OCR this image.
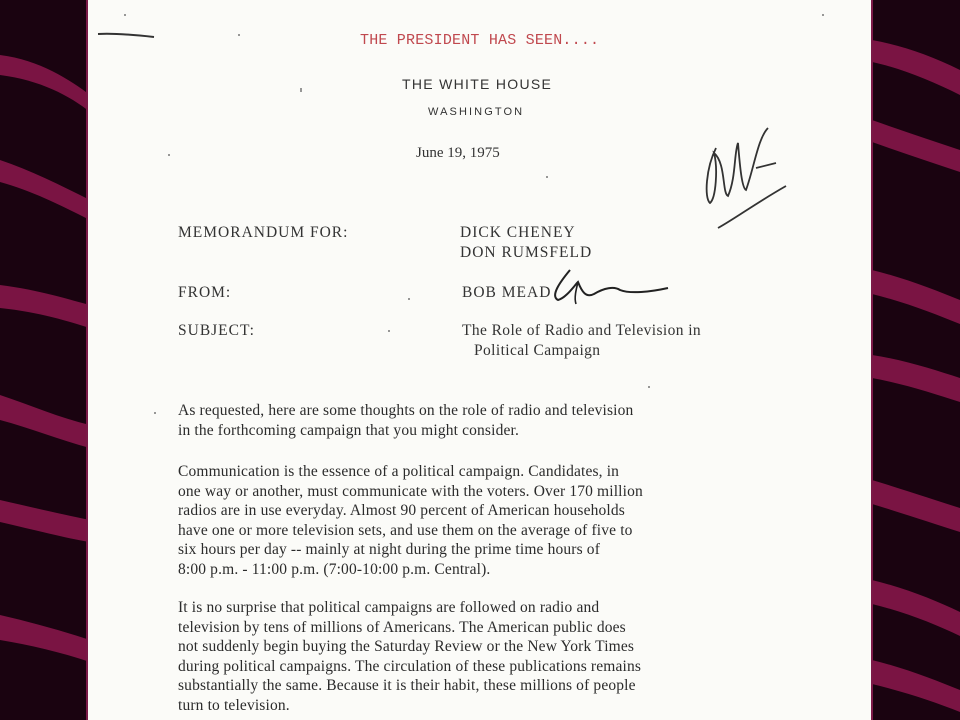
THE PRESIDENT HAS SEEN....
THE WHITE HOUSE
WASHINGTON
June 19, 1975
MEMORANDUM FOR:	DICK CHENEY
DON RUMSFELD
FROM:	BOB MEAD
SUBJECT:	The Role of Radio and Television in
Political Campaign
As requested, here are some thoughts on the role of radio and television
in the forthcoming campaign that you might consider.
Communication is the essence of a political campaign. Candidates, in
one way or another, must communicate with the voters. Over 170 million
radios are in use everyday. Almost 90 percent of American households
have one or more television sets, and use them on the average of five to
six hours per day -- mainly at night during the prime time hours of
8:00 p.m. - 11:00 p.m. (7:00-10:00 p.m. Central).
It is no surprise that political campaigns are followed on radio and
television by tens of millions of Americans. The American public does
not suddenly begin buying the Saturday Review or the New York Times
during political campaigns. The circulation of these publications remains
substantially the same. Because it is their habit, these millions of people
turn to television.
